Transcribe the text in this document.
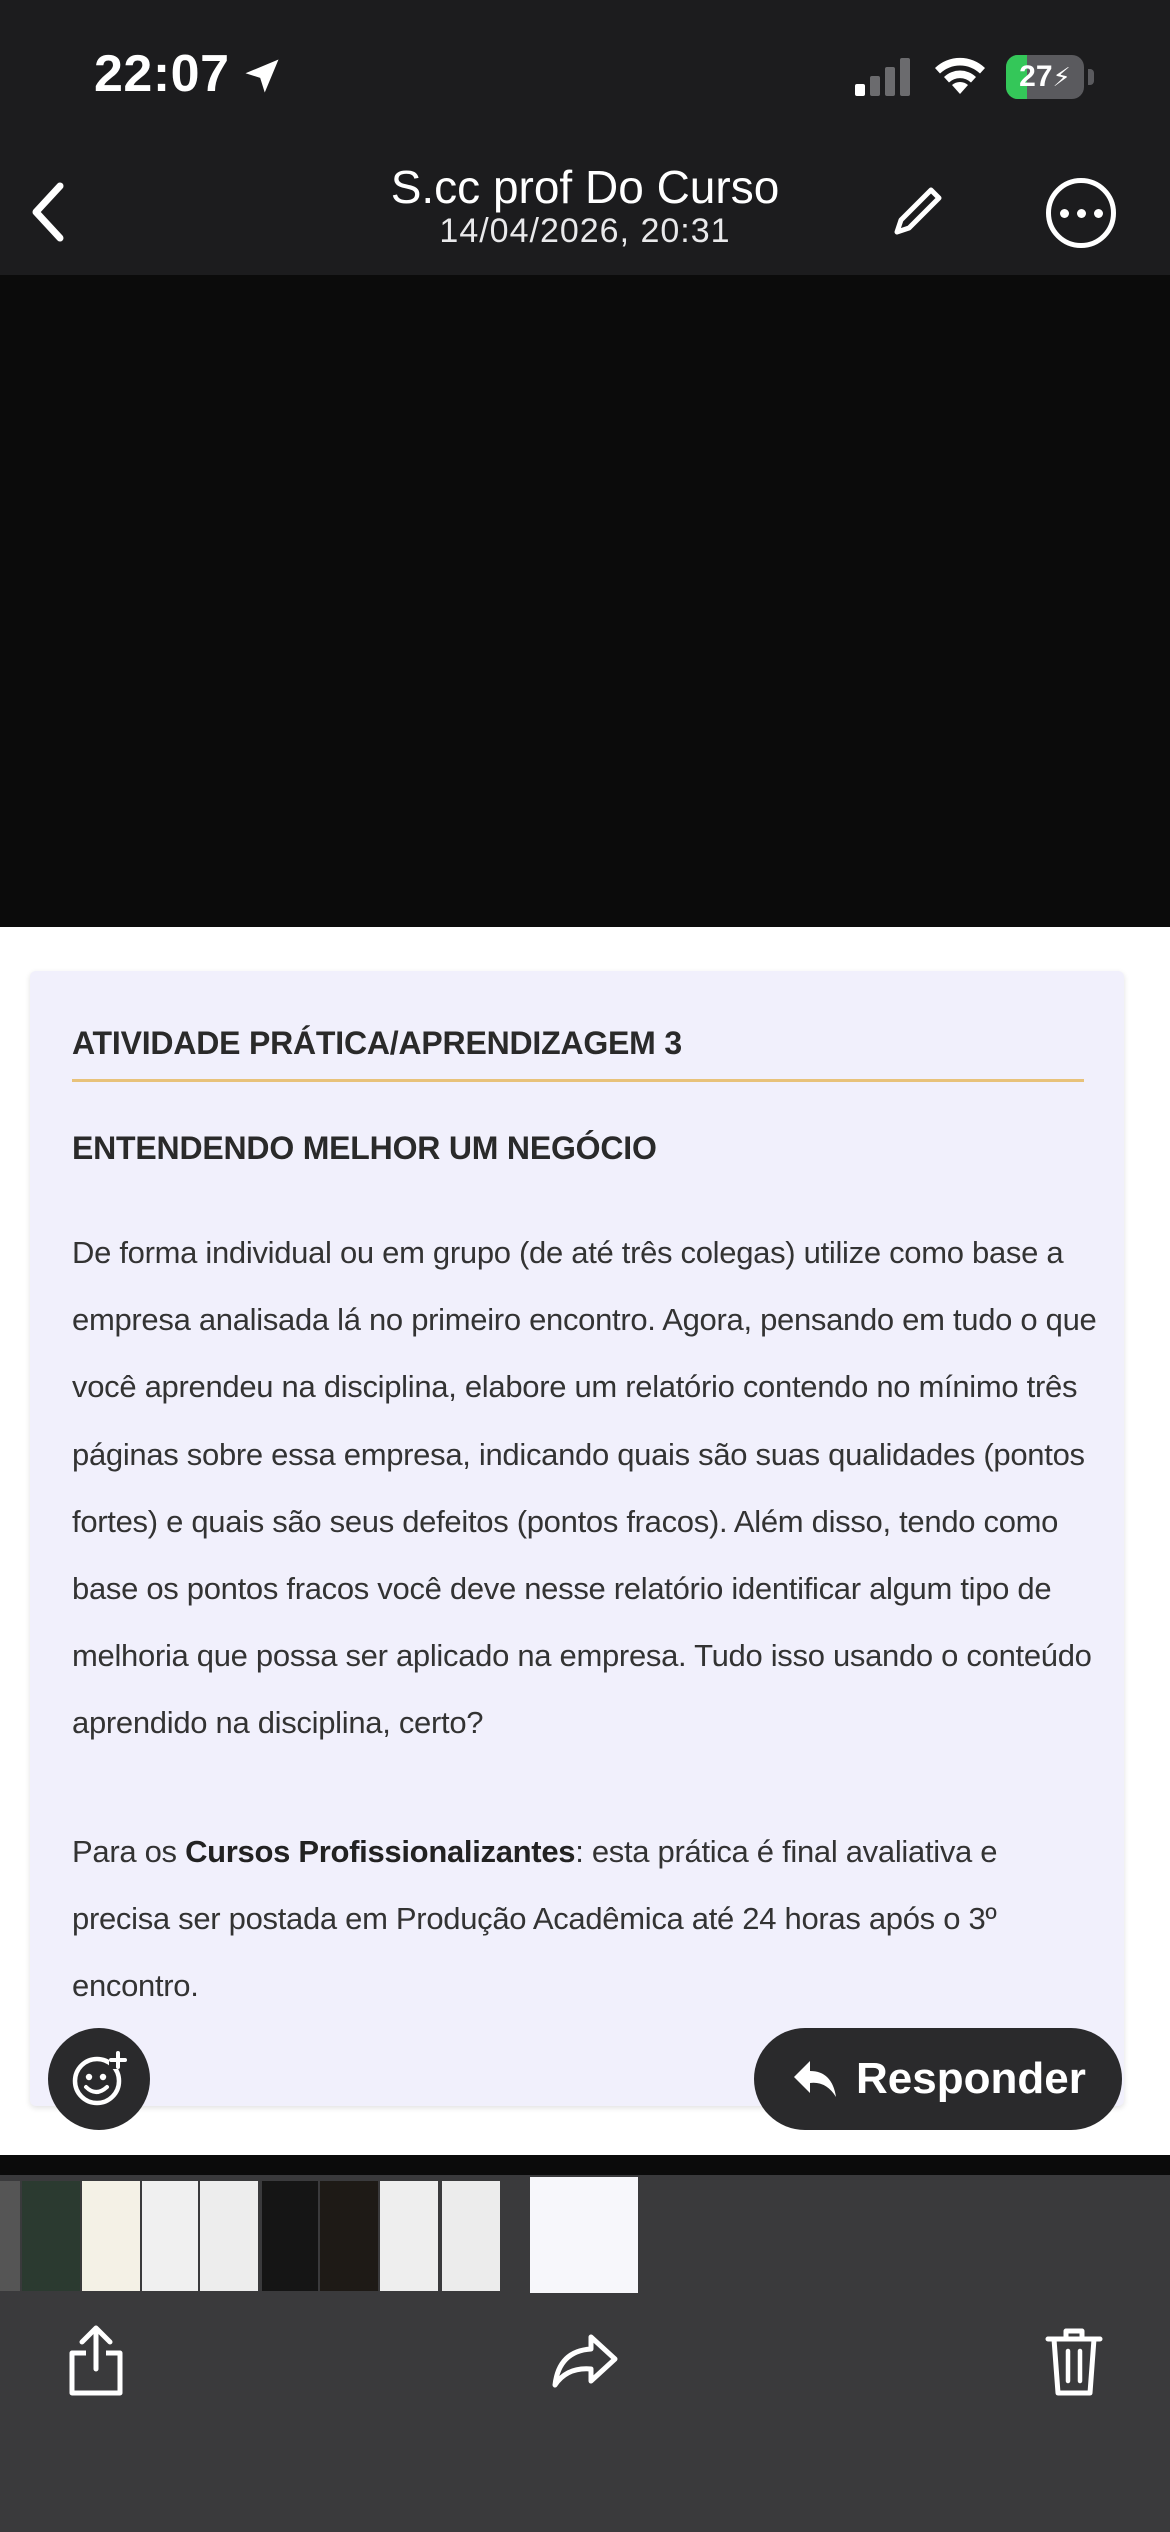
22:07	27⚡
S.cc prof Do Curso
14/04/2026, 20:31
ATIVIDADE PRÁTICA/APRENDIZAGEM 3
ENTENDENDO MELHOR UM NEGÓCIO
De forma individual ou em grupo (de até três colegas) utilize como base a empresa analisada lá no primeiro encontro. Agora, pensando em tudo o que você aprendeu na disciplina, elabore um relatório contendo no mínimo três páginas sobre essa empresa, indicando quais são suas qualidades (pontos fortes) e quais são seus defeitos (pontos fracos). Além disso, tendo como base os pontos fracos você deve nesse relatório identificar algum tipo de melhoria que possa ser aplicado na empresa. Tudo isso usando o conteúdo aprendido na disciplina, certo?
Para os Cursos Profissionalizantes: esta prática é final avaliativa e precisa ser postada em Produção Acadêmica até 24 horas após o 3º encontro.
Responder
